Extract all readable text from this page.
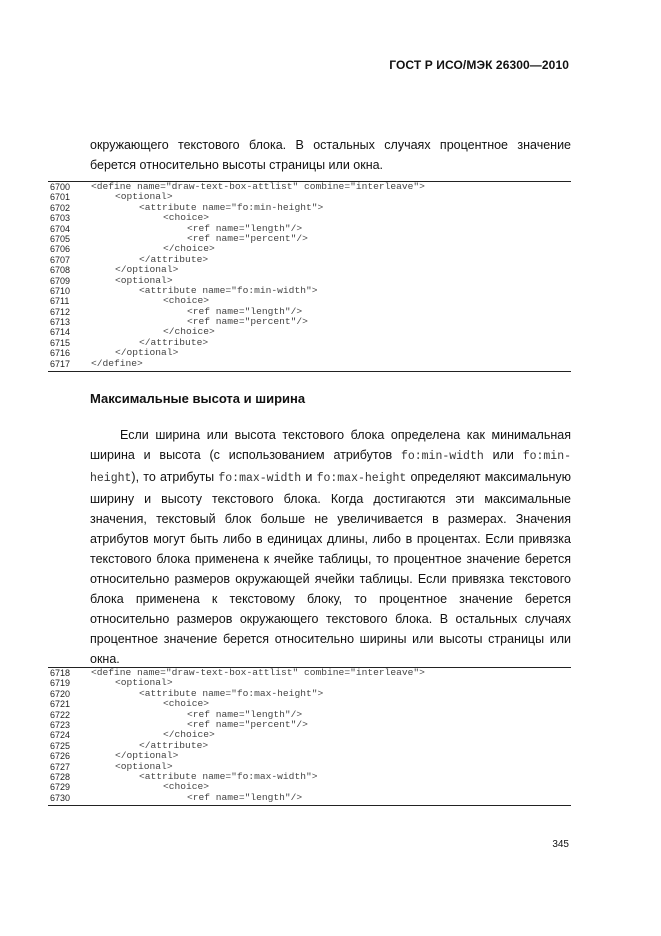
ГОСТ Р ИСО/МЭК 26300—2010
окружающего текстового блока. В остальных случаях процентное значение берется относительно высоты страницы или окна.
6700	<define name="draw-text-box-attlist" combine="interleave">
6701	<optional>
6702	<attribute name="fo:min-height">
6703	<choice>
6704	<ref name="length"/>
6705	<ref name="percent"/>
6706	</choice>
6707	</attribute>
6708	</optional>
6709	<optional>
6710	<attribute name="fo:min-width">
6711	<choice>
6712	<ref name="length"/>
6713	<ref name="percent"/>
6714	</choice>
6715	</attribute>
6716	</optional>
6717	</define>
Максимальные высота и ширина
Если ширина или высота текстового блока определена как минимальная ширина и высота (с использованием атрибутов fo:min-width или fo:min-height), то атрибуты fo:max-width и fo:max-height определяют максимальную ширину и высоту текстового блока. Когда достигаются эти максимальные значения, текстовый блок больше не увеличивается в размерах. Значения атрибутов могут быть либо в единицах длины, либо в процентах. Если привязка текстового блока применена к ячейке таблицы, то процентное значение берется относительно размеров окружающей ячейки таблицы. Если привязка текстового блока применена к текстовому блоку, то процентное значение берется относительно размеров окружающего текстового блока. В остальных случаях процентное значение берется относительно ширины или высоты страницы или окна.
6718	<define name="draw-text-box-attlist" combine="interleave">
6719	<optional>
6720	<attribute name="fo:max-height">
6721	<choice>
6722	<ref name="length"/>
6723	<ref name="percent"/>
6724	</choice>
6725	</attribute>
6726	</optional>
6727	<optional>
6728	<attribute name="fo:max-width">
6729	<choice>
6730	<ref name="length"/>
345
